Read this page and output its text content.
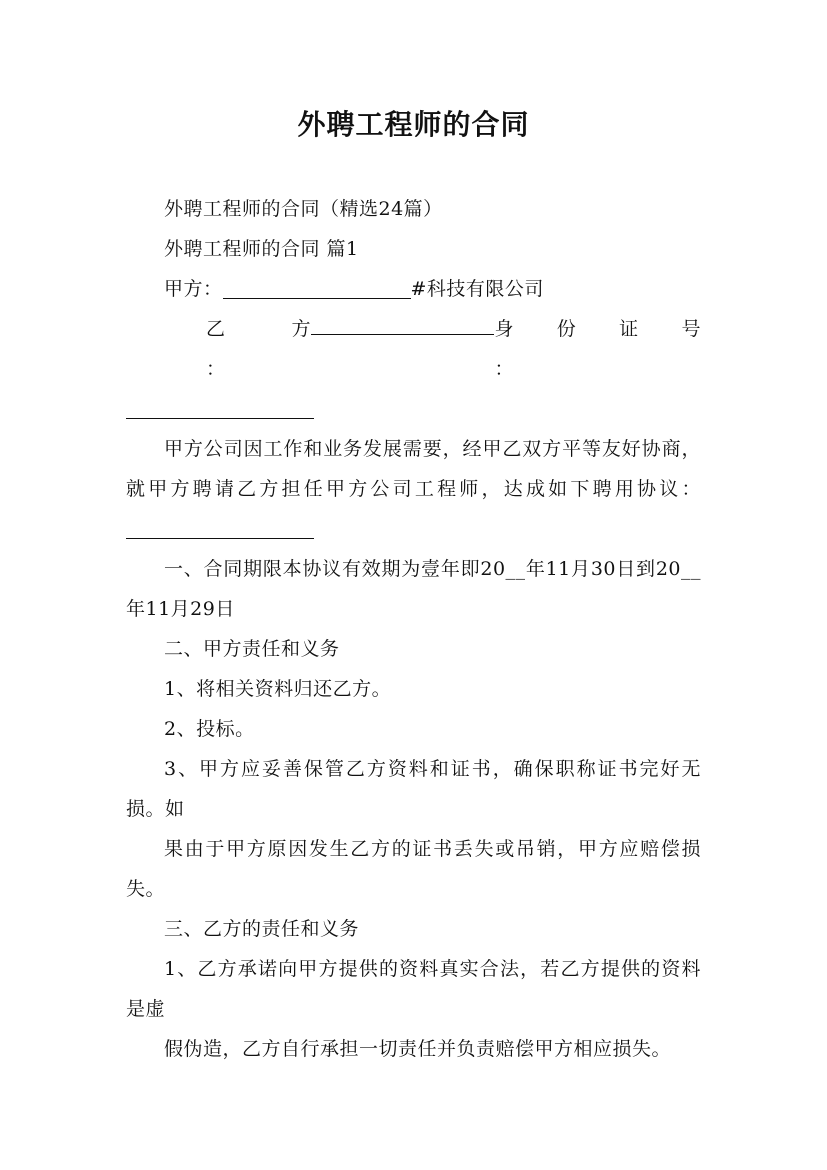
外聘工程师的合同

外聘工程师的合同（精选24篇）

外聘工程师的合同 篇1

甲方：	#科技有限公司

乙 方 ：
身 份 证 号 ：

甲方公司因工作和业务发展需要，经甲乙双方平等友好协商，就甲方聘请乙方担任甲方公司工程师，达成如下聘用协议：

一、合同期限本协议有效期为壹年即20__年11月30日到20__年11月29日

二、甲方责任和义务

1、将相关资料归还乙方。

2、投标。

3、甲方应妥善保管乙方资料和证书，确保职称证书完好无损。如

果由于甲方原因发生乙方的证书丢失或吊销，甲方应赔偿损失。

三、乙方的责任和义务

1、乙方承诺向甲方提供的资料真实合法，若乙方提供的资料是虚

假伪造，乙方自行承担一切责任并负责赔偿甲方相应损失。
